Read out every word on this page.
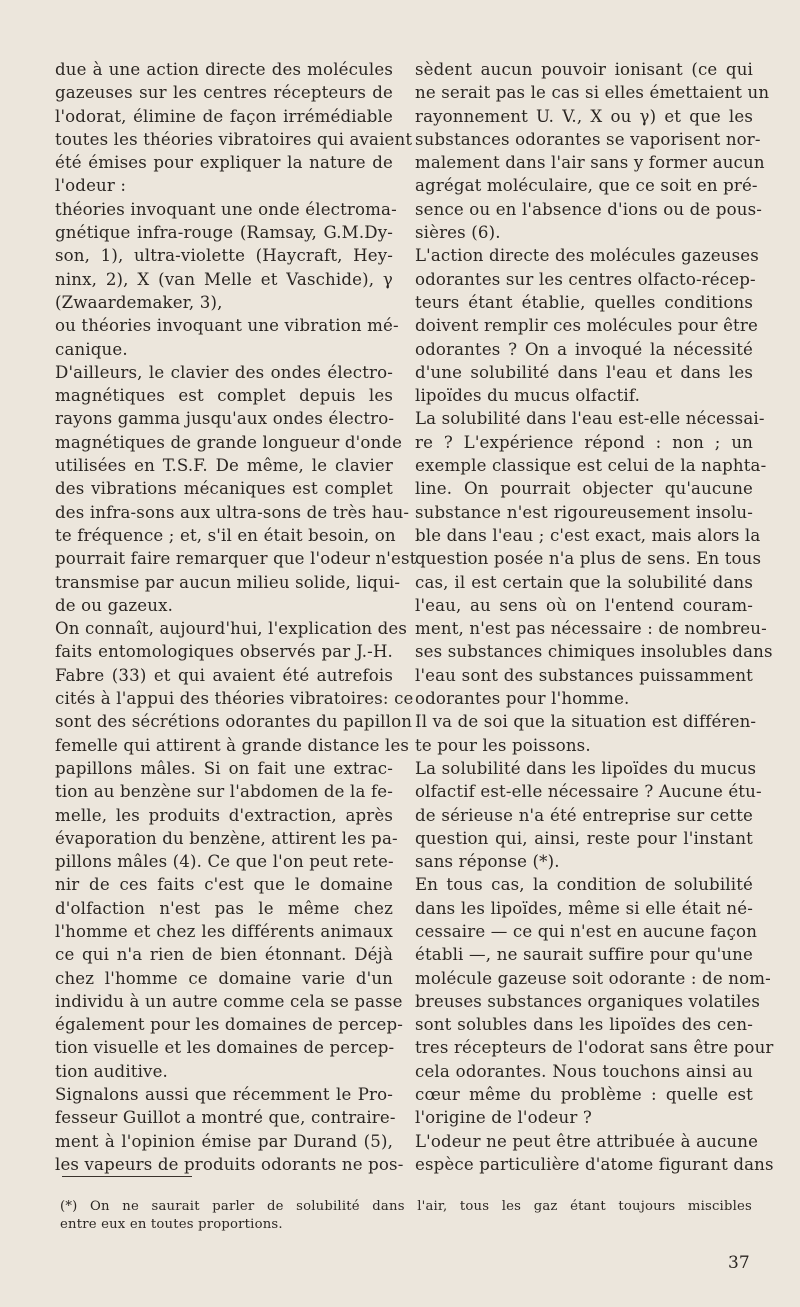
due à une action directe des molécules
gazeuses sur les centres récepteurs de
l'odorat, élimine de façon irrémédiable
toutes les théories vibratoires qui avaient
été émises pour expliquer la nature de
l'odeur :
théories invoquant une onde électroma-
gnétique infra-rouge (Ramsay, G.M.Dy-
son, 1), ultra-violette (Haycraft, Hey-
ninx, 2), X (van Melle et Vaschide), γ
(Zwaardemaker, 3),
ou théories invoquant une vibration mé-
canique.
D'ailleurs, le clavier des ondes électro-
magnétiques est complet depuis les
rayons gamma jusqu'aux ondes électro-
magnétiques de grande longueur d'onde
utilisées en T.S.F. De même, le clavier
des vibrations mécaniques est complet
des infra-sons aux ultra-sons de très hau-
te fréquence ; et, s'il en était besoin, on
pourrait faire remarquer que l'odeur n'est
transmise par aucun milieu solide, liqui-
de ou gazeux.
On connaît, aujourd'hui, l'explication des
faits entomologiques observés par J.-H.
Fabre (33) et qui avaient été autrefois
cités à l'appui des théories vibratoires: ce
sont des sécrétions odorantes du papillon
femelle qui attirent à grande distance les
papillons mâles. Si on fait une extrac-
tion au benzène sur l'abdomen de la fe-
melle, les produits d'extraction, après
évaporation du benzène, attirent les pa-
pillons mâles (4). Ce que l'on peut rete-
nir de ces faits c'est que le domaine
d'olfaction n'est pas le même chez
l'homme et chez les différents animaux
ce qui n'a rien de bien étonnant. Déjà
chez l'homme ce domaine varie d'un
individu à un autre comme cela se passe
également pour les domaines de percep-
tion visuelle et les domaines de percep-
tion auditive.
Signalons aussi que récemment le Pro-
fesseur Guillot a montré que, contraire-
ment à l'opinion émise par Durand (5),
les vapeurs de produits odorants ne pos-
sèdent aucun pouvoir ionisant (ce qui
ne serait pas le cas si elles émettaient un
rayonnement U. V., X ou γ) et que les
substances odorantes se vaporisent nor-
malement dans l'air sans y former aucun
agrégat moléculaire, que ce soit en pré-
sence ou en l'absence d'ions ou de pous-
sières (6).
L'action directe des molécules gazeuses
odorantes sur les centres olfacto-récep-
teurs étant établie, quelles conditions
doivent remplir ces molécules pour être
odorantes ? On a invoqué la nécessité
d'une solubilité dans l'eau et dans les
lipoïdes du mucus olfactif.
La solubilité dans l'eau est-elle nécessai-
re ? L'expérience répond : non ; un
exemple classique est celui de la naphta-
line. On pourrait objecter qu'aucune
substance n'est rigoureusement insolu-
ble dans l'eau ; c'est exact, mais alors la
question posée n'a plus de sens. En tous
cas, il est certain que la solubilité dans
l'eau, au sens où on l'entend couram-
ment, n'est pas nécessaire : de nombreu-
ses substances chimiques insolubles dans
l'eau sont des substances puissamment
odorantes pour l'homme.
Il va de soi que la situation est différen-
te pour les poissons.
La solubilité dans les lipoïdes du mucus
olfactif est-elle nécessaire ? Aucune étu-
de sérieuse n'a été entreprise sur cette
question qui, ainsi, reste pour l'instant
sans réponse (*).
En tous cas, la condition de solubilité
dans les lipoïdes, même si elle était né-
cessaire — ce qui n'est en aucune façon
établi —, ne saurait suffire pour qu'une
molécule gazeuse soit odorante : de nom-
breuses substances organiques volatiles
sont solubles dans les lipoïdes des cen-
tres récepteurs de l'odorat sans être pour
cela odorantes. Nous touchons ainsi au
cœur même du problème : quelle est
l'origine de l'odeur ?
L'odeur ne peut être attribuée à aucune
espèce particulière d'atome figurant dans
(*) On ne saurait parler de solubilité dans l'air, tous les gaz étant toujours miscibles
entre eux en toutes proportions.
37
